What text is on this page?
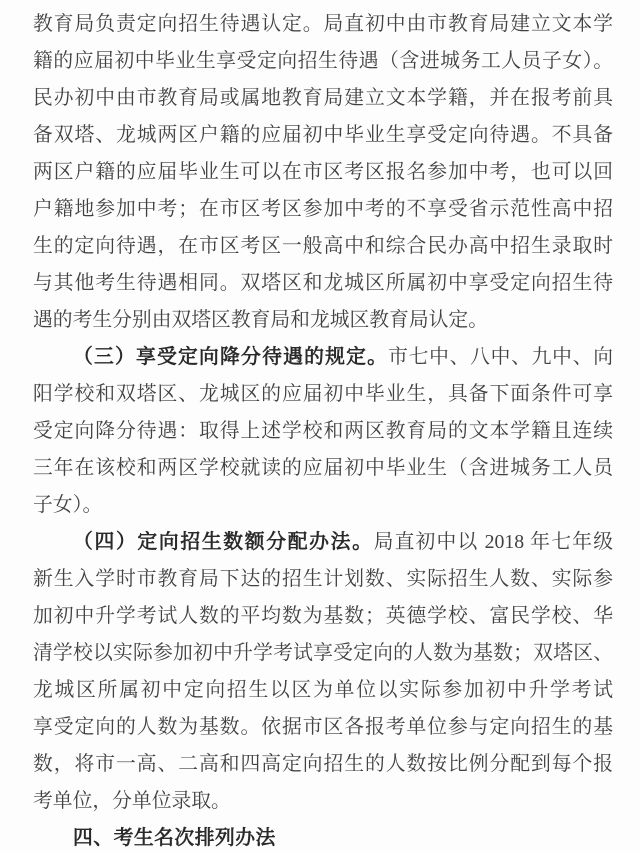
教育局负责定向招生待遇认定。局直初中由市教育局建立文本学
籍的应届初中毕业生享受定向招生待遇（含进城务工人员子女）。
民办初中由市教育局或属地教育局建立文本学籍，并在报考前具
备双塔、龙城两区户籍的应届初中毕业生享受定向待遇。不具备
两区户籍的应届毕业生可以在市区考区报名参加中考，也可以回
户籍地参加中考；在市区考区参加中考的不享受省示范性高中招
生的定向待遇，在市区考区一般高中和综合民办高中招生录取时
与其他考生待遇相同。双塔区和龙城区所属初中享受定向招生待
遇的考生分别由双塔区教育局和龙城区教育局认定。
（三）享受定向降分待遇的规定。市七中、八中、九中、向
阳学校和双塔区、龙城区的应届初中毕业生，具备下面条件可享
受定向降分待遇：取得上述学校和两区教育局的文本学籍且连续
三年在该校和两区学校就读的应届初中毕业生（含进城务工人员
子女）。
（四）定向招生数额分配办法。局直初中以 2018 年七年级
新生入学时市教育局下达的招生计划数、实际招生人数、实际参
加初中升学考试人数的平均数为基数；英德学校、富民学校、华
清学校以实际参加初中升学考试享受定向的人数为基数；双塔区、
龙城区所属初中定向招生以区为单位以实际参加初中升学考试
享受定向的人数为基数。依据市区各报考单位参与定向招生的基
数，将市一高、二高和四高定向招生的人数按比例分配到每个报
考单位，分单位录取。
四、考生名次排列办法
